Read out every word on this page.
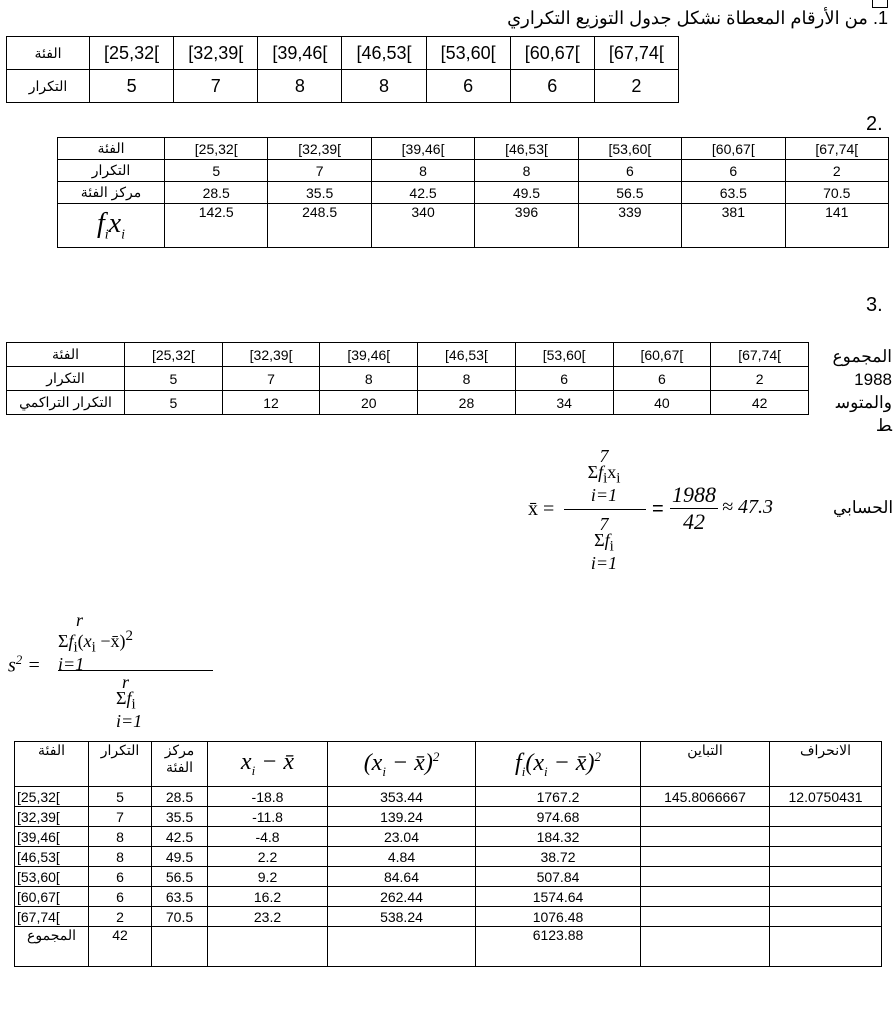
1. من الأرقام المعطاة نشكل جدول التوزيع التكراري
الفئة	[25,32[	[32,39[	[39,46[	[46,53[	[53,60[	[60,67[	[67,74[
التكرار	5	7	8	8	6	6	2
2.
الفئة	[25,32[	[32,39[	[39,46[	[46,53[	[53,60[	[60,67[	[67,74[
التكرار	5	7	8	8	6	6	2
مركز الفئة	28.5	35.5	42.5	49.5	56.5	63.5	70.5
$f_ix_i$	142.5	248.5	340	396	339	381	141
3.
الفئة	[25,32[	[32,39[	[39,46[	[46,53[	[53,60[	[60,67[	[67,74[
التكرار	5	7	8	8	6	6	2
التكرار التراكمي	5	12	20	28	34	40	42
المجموع
1988
والمتوسط
x̄ =
7
$\Sigma f_ix_i$
i=1
7
$\Sigma f_i$
i=1
= $\frac{1988}{42} \approx 47.3$	الحسابي
$s^2$ =
r
$\Sigma f_i(x_i$ −x̄)$^2$
i=1
r
$\Sigma f_i$
i=1
الفئة	التكرار	مركز الفئة	$x_i$ − x̄	($x_i$ − x̄)$^2$	$f_i(x_i$ − x̄)$^2$	التباين	الانحراف
[25,32[	5	28.5	-18.8	353.44	1767.2	145.8066667	12.0750431
[32,39[	7	35.5	-11.8	139.24	974.68		
[39,46[	8	42.5	-4.8	23.04	184.32		
[46,53[	8	49.5	2.2	4.84	38.72		
[53,60[	6	56.5	9.2	84.64	507.84		
[60,67[	6	63.5	16.2	262.44	1574.64		
[67,74[	2	70.5	23.2	538.24	1076.48		
المجموع	42				6123.88		
